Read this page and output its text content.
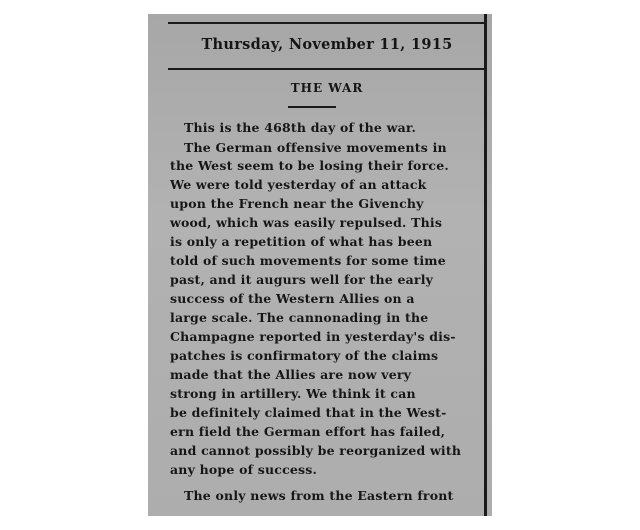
Thursday, November 11, 1915
THE WAR
This is the 468th day of the war.
The German offensive movements in
the West seem to be losing their force.
We were told yesterday of an attack
upon the French near the Givenchy
wood, which was easily repulsed. This
is only a repetition of what has been
told of such movements for some time
past, and it augurs well for the early
success of the Western Allies on a
large scale. The cannonading in the
Champagne reported in yesterday's dis-
patches is confirmatory of the claims
made that the Allies are now very
strong in artillery. We think it can
be definitely claimed that in the West-
ern field the German effort has failed,
and cannot possibly be reorganized with
any hope of success.
The only news from the Eastern front
